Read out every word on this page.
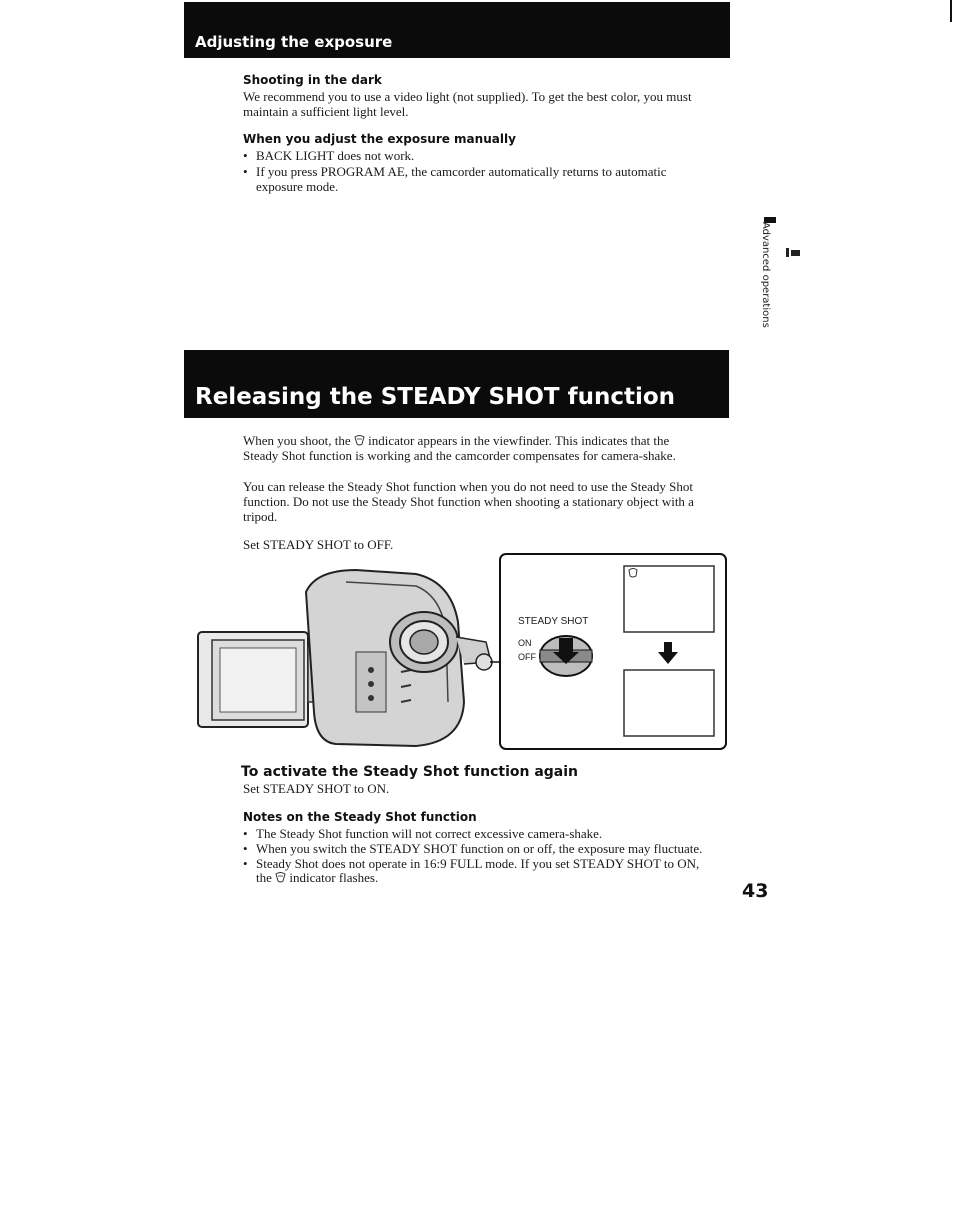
Adjusting the exposure
Shooting in the dark
We recommend you to use a video light (not supplied). To get the best color, you must
maintain a sufficient light level.
When you adjust the exposure manually
• BACK LIGHT does not work.
• If you press PROGRAM AE, the camcorder automatically returns to automatic
exposure mode.
Advanced operations
Releasing the STEADY SHOT function
When you shoot, the  indicator appears in the viewfinder. This indicates that the
Steady Shot function is working and the camcorder compensates for camera-shake.
You can release the Steady Shot function when you do not need to use the Steady Shot
function. Do not use the Steady Shot function when shooting a stationary object with a
tripod.
Set STEADY SHOT to OFF.
STEADY SHOT
ON
OFF
To activate the Steady Shot function again
Set STEADY SHOT to ON.
Notes on the Steady Shot function
• The Steady Shot function will not correct excessive camera-shake.
• When you switch the STEADY SHOT function on or off, the exposure may fluctuate.
• Steady Shot does not operate in 16:9 FULL mode. If you set STEADY SHOT to ON,
the  indicator flashes.
43
